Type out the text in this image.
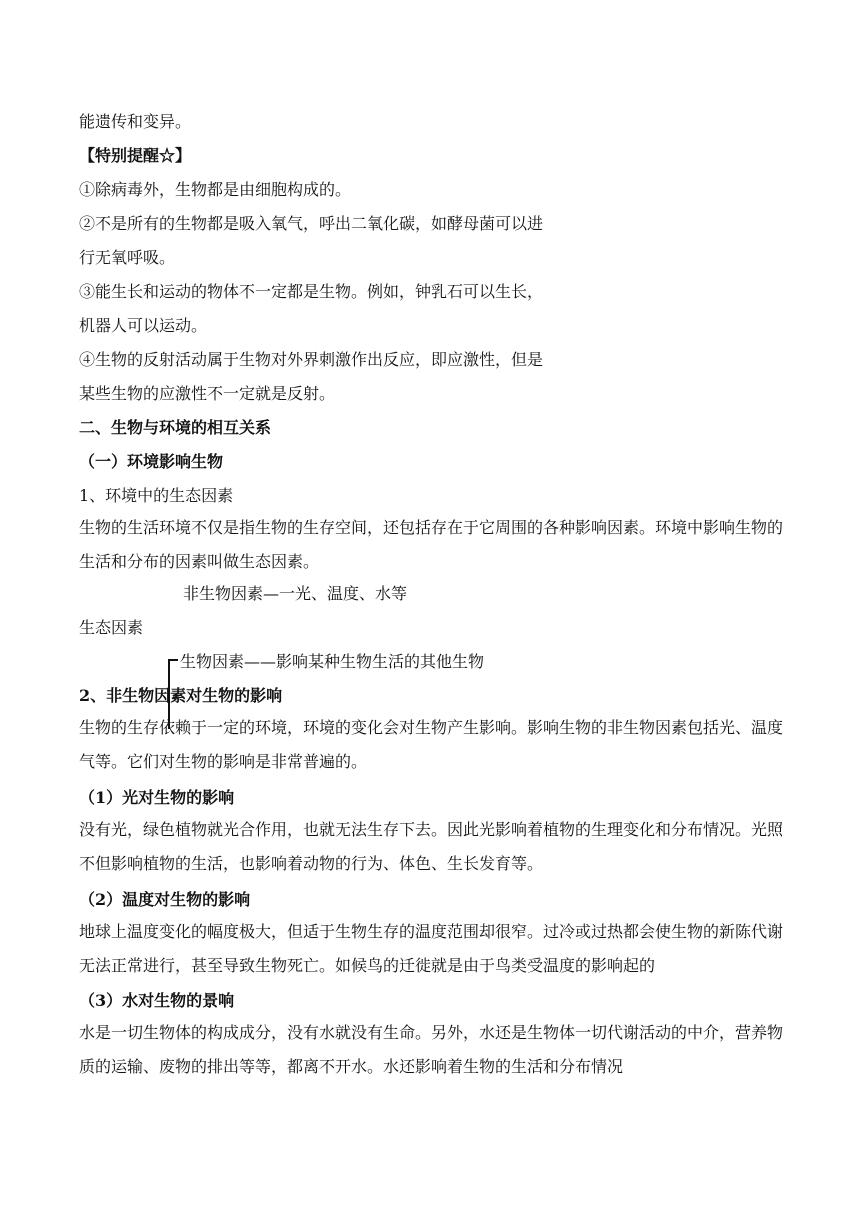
能遗传和变异。
【特别提醒☆】
①除病毒外，生物都是由细胞构成的。
②不是所有的生物都是吸入氧气，呼出二氧化碳，如酵母菌可以进
行无氧呼吸。
③能生长和运动的物体不一定都是生物。例如，钟乳石可以生长，
机器人可以运动。
④生物的反射活动属于生物对外界刺激作出反应，即应激性，但是
某些生物的应激性不一定就是反射。
二、生物与环境的相互关系
（一）环境影响生物
1、环境中的生态因素
生物的生活环境不仅是指生物的生存空间，还包括存在于它周围的各种影响因素。环境中影响生物的生活和分布的因素叫做生态因素。
非生物因素—一光、温度、水等
生态因素
生物因素——影响某种生物生活的其他生物
2、非生物因素对生物的影响
生物的生存依赖于一定的环境，环境的变化会对生物产生影响。影响生物的非生物因素包括光、温度气等。它们对生物的影响是非常普遍的。
（1）光对生物的影响
没有光，绿色植物就光合作用，也就无法生存下去。因此光影响着植物的生理变化和分布情况。光照不但影响植物的生活，也影响着动物的行为、体色、生长发育等。
（2）温度对生物的影响
地球上温度变化的幅度极大，但适于生物生存的温度范围却很窄。过冷或过热都会使生物的新陈代谢无法正常进行，甚至导致生物死亡。如候鸟的迁徙就是由于鸟类受温度的影响起的
（3）水对生物的景响
水是一切生物体的构成成分，没有水就没有生命。另外，水还是生物体一切代谢活动的中介，营养物质的运输、废物的排出等等，都离不开水。水还影响着生物的生活和分布情况
